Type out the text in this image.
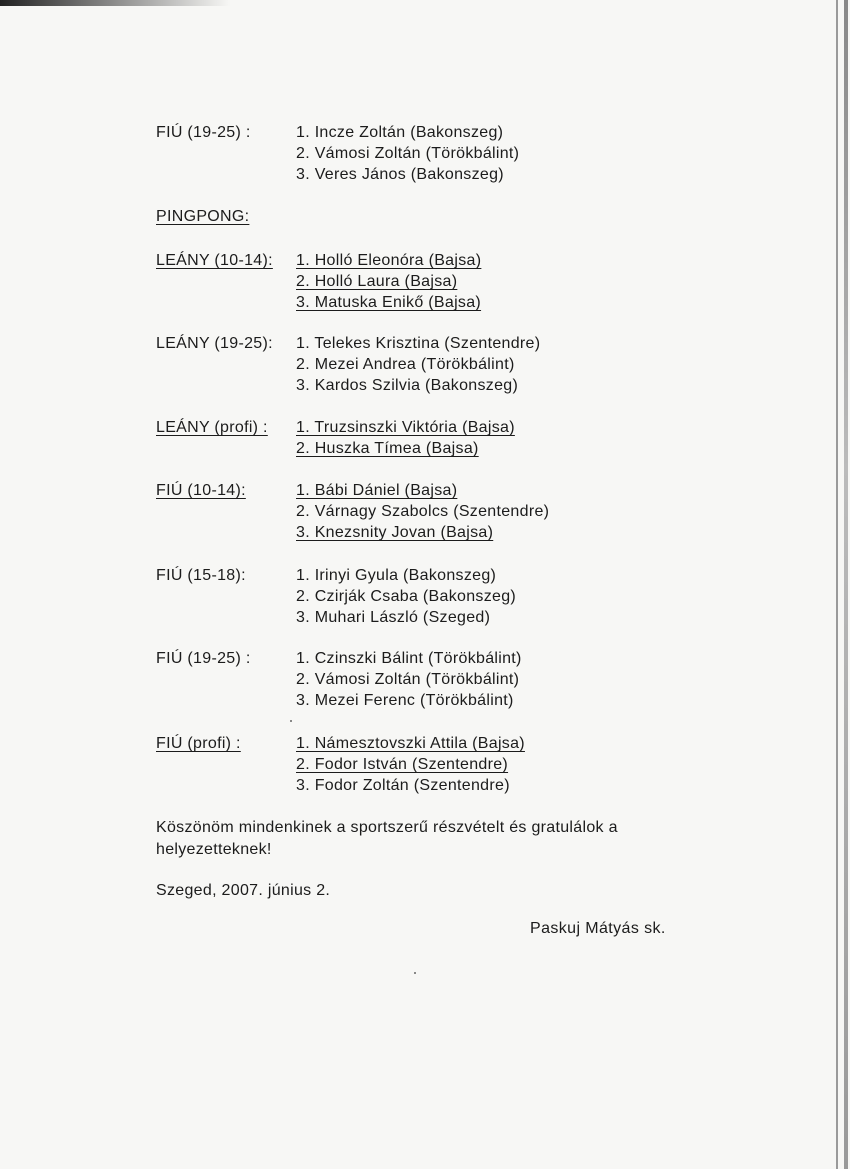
FIÚ (19-25) :	1. Incze Zoltán (Bakonszeg)
2. Vámosi Zoltán (Törökbálint)
3. Veres János (Bakonszeg)
PINGPONG:
LEÁNY (10-14): 1. Holló Eleonóra (Bajsa)
2. Holló Laura (Bajsa)
3. Matuska Enikő (Bajsa)
LEÁNY (19-25): 1. Telekes Krisztina (Szentendre)
2. Mezei Andrea (Törökbálint)
3. Kardos Szilvia (Bakonszeg)
LEÁNY (profi) : 1. Truzsinszki Viktória (Bajsa)
2. Huszka Tímea (Bajsa)
FIÚ (10-14):	1. Bábi Dániel (Bajsa)
2. Várnagy Szabolcs (Szentendre)
3. Knezsnity Jovan (Bajsa)
FIÚ (15-18):	1. Irinyi Gyula (Bakonszeg)
2. Czirják Csaba (Bakonszeg)
3. Muhari László (Szeged)
FIÚ (19-25) :	1. Czinszki Bálint (Törökbálint)
2. Vámosi Zoltán (Törökbálint)
3. Mezei Ferenc (Törökbálint)
FIÚ (profi) :	1. Námesztovszki Attila (Bajsa)
2. Fodor István (Szentendre)
3. Fodor Zoltán (Szentendre)
Köszönöm mindenkinek a sportszerű részvételt és gratulálok a helyezetteknek!
Szeged, 2007. június 2.
Paskuj Mátyás sk.
